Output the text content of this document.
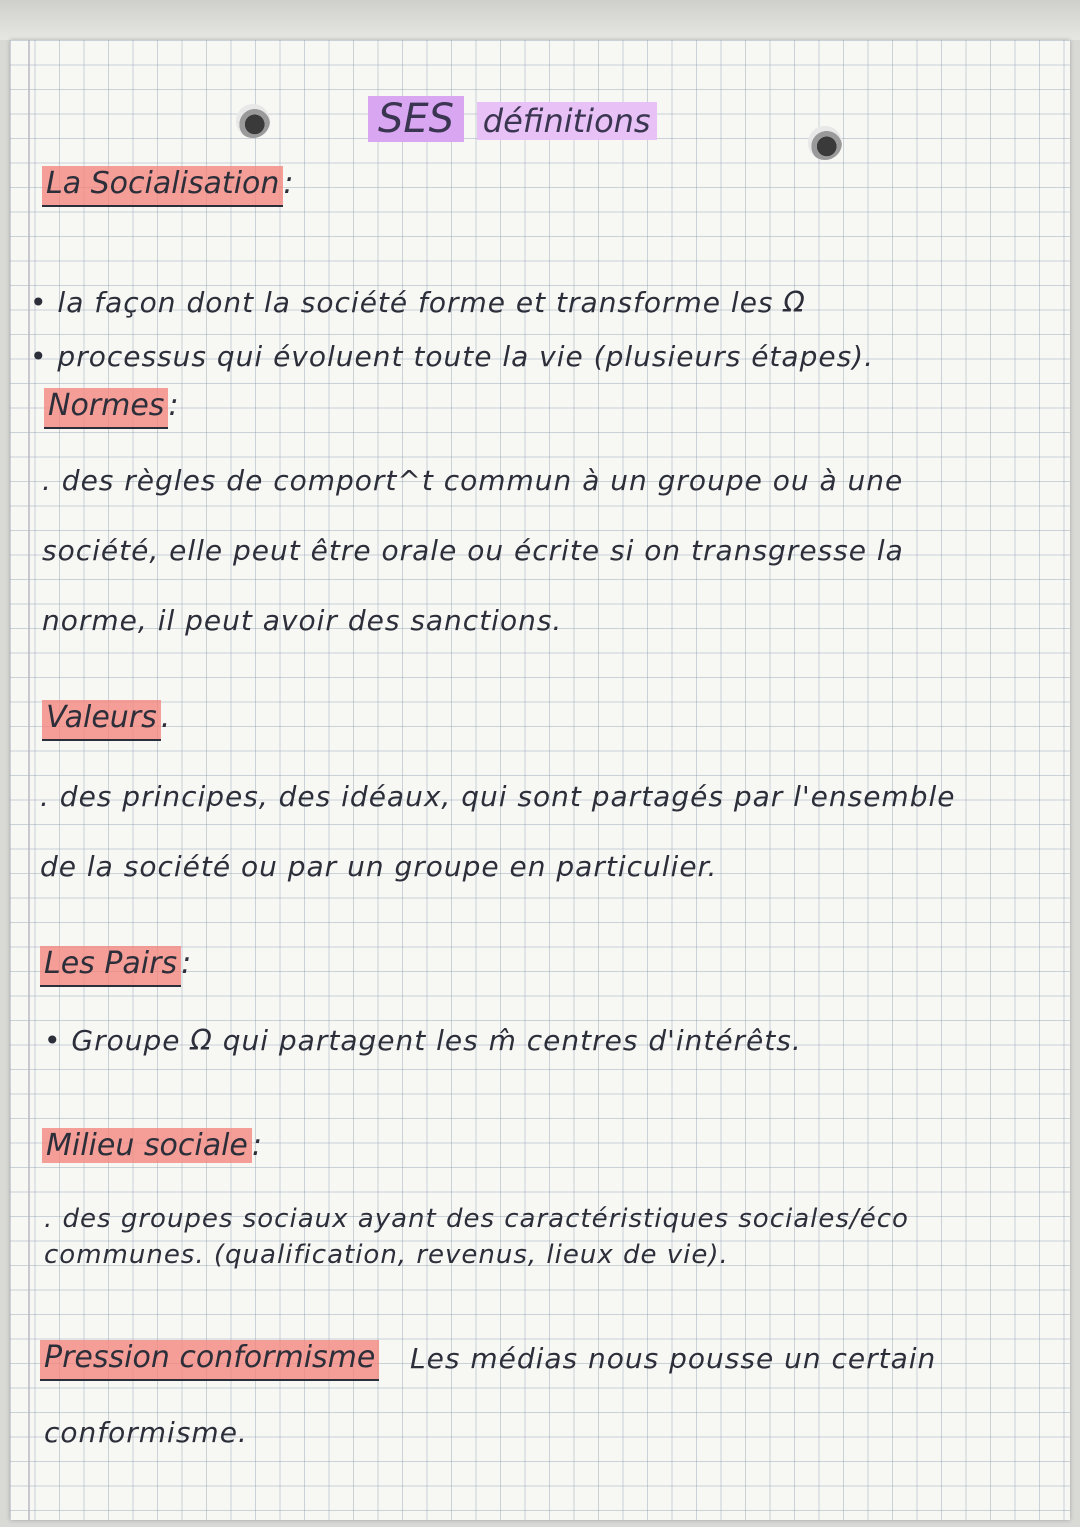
SES définitions
La Socialisation :
• la façon dont la société forme et transforme les Ω
• processus qui évoluent toute la vie (plusieurs étapes).
Normes :
. des règles de comport^t commun à un groupe ou à une
société, elle peut être orale ou écrite si on transgresse la
norme, il peut avoir des sanctions.
Valeurs .
. des principes, des idéaux, qui sont partagés par l'ensemble
de la société ou par un groupe en particulier.
Les Pairs :
• Groupe Ω qui partagent les m̂ centres d'intérêts.
Milieu sociale :
. des groupes sociaux ayant des caractéristiques sociales/éco
communes. (qualification, revenus, lieux de vie).
Pression conformisme Les médias nous pousse un certain
conformisme.
